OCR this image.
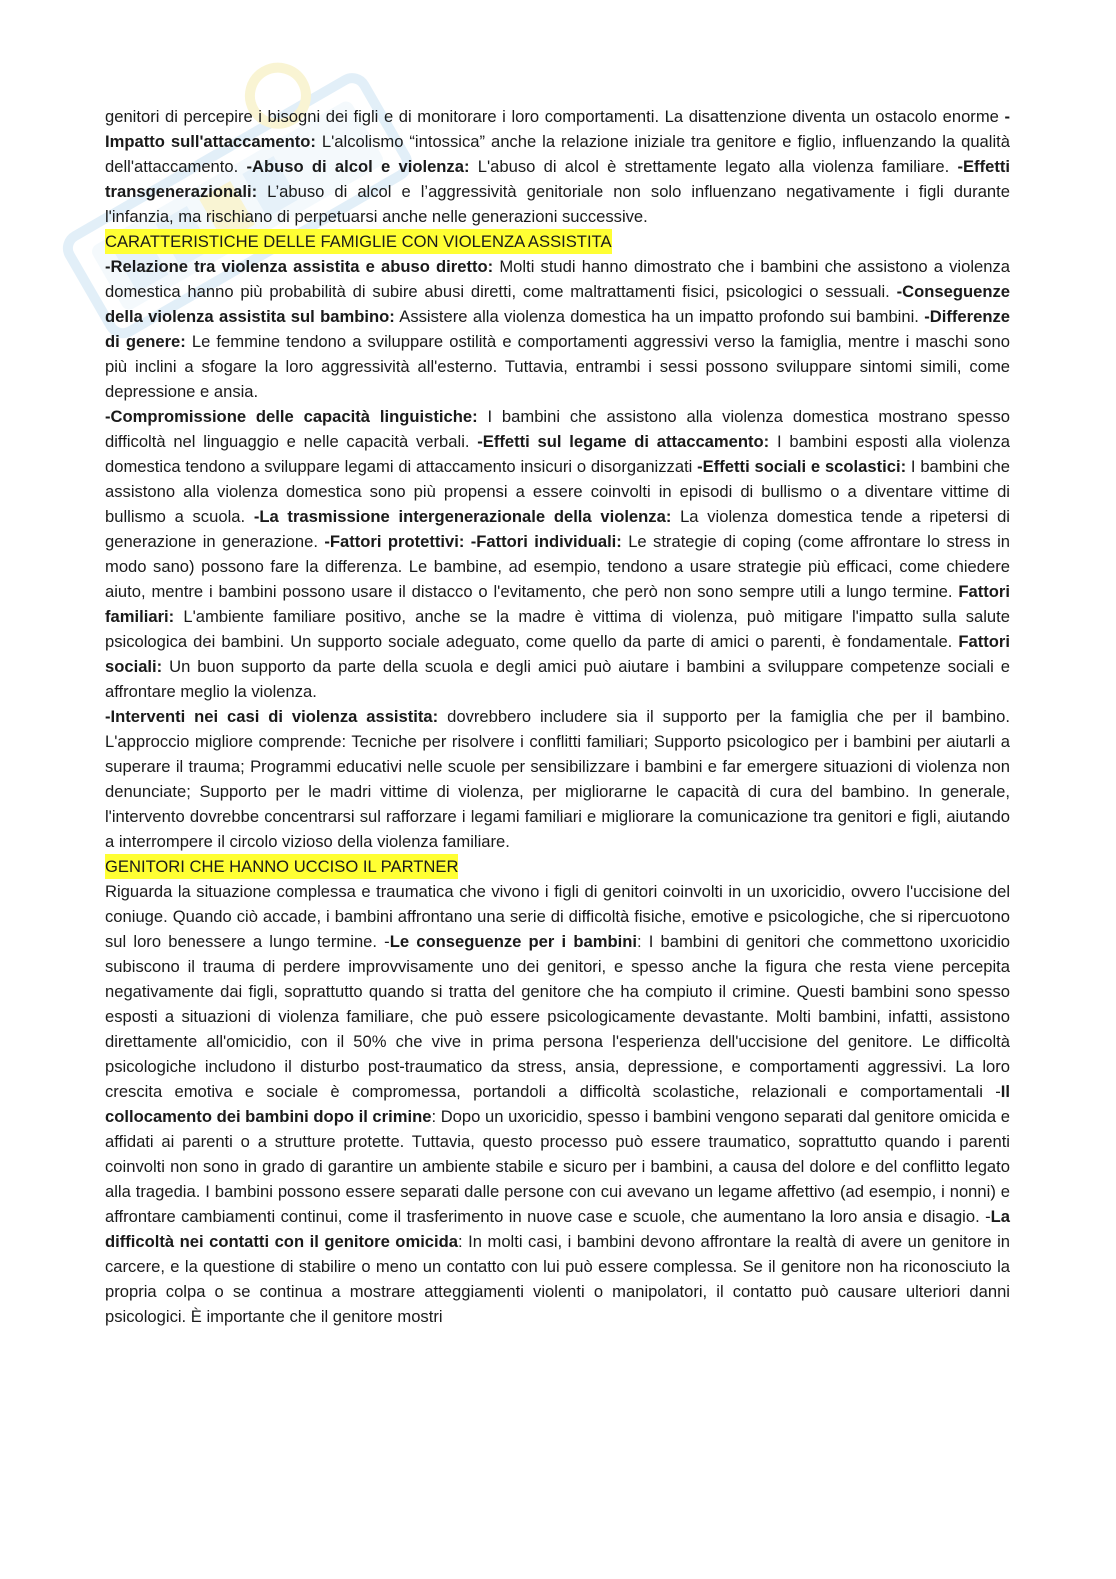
genitori di percepire i bisogni dei figli e di monitorare i loro comportamenti. La disattenzione diventa un ostacolo enorme -Impatto sull'attaccamento: L'alcolismo “intossica” anche la relazione iniziale tra genitore e figlio, influenzando la qualità dell'attaccamento. -Abuso di alcol e violenza: L'abuso di alcol è strettamente legato alla violenza familiare. -Effetti transgenerazionali: L’abuso di alcol e l’aggressività genitoriale non solo influenzano negativamente i figli durante l'infanzia, ma rischiano di perpetuarsi anche nelle generazioni successive.

CARATTERISTICHE DELLE FAMIGLIE CON VIOLENZA ASSISTITA

-Relazione tra violenza assistita e abuso diretto: Molti studi hanno dimostrato che i bambini che assistono a violenza domestica hanno più probabilità di subire abusi diretti, come maltrattamenti fisici, psicologici o sessuali. -Conseguenze della violenza assistita sul bambino: Assistere alla violenza domestica ha un impatto profondo sui bambini. -Differenze di genere: Le femmine tendono a sviluppare ostilità e comportamenti aggressivi verso la famiglia, mentre i maschi sono più inclini a sfogare la loro aggressività all'esterno. Tuttavia, entrambi i sessi possono sviluppare sintomi simili, come depressione e ansia.

-Compromissione delle capacità linguistiche: I bambini che assistono alla violenza domestica mostrano spesso difficoltà nel linguaggio e nelle capacità verbali. -Effetti sul legame di attaccamento: I bambini esposti alla violenza domestica tendono a sviluppare legami di attaccamento insicuri o disorganizzati -Effetti sociali e scolastici: I bambini che assistono alla violenza domestica sono più propensi a essere coinvolti in episodi di bullismo o a diventare vittime di bullismo a scuola. -La trasmissione intergenerazionale della violenza: La violenza domestica tende a ripetersi di generazione in generazione. -Fattori protettivi: -Fattori individuali: Le strategie di coping (come affrontare lo stress in modo sano) possono fare la differenza. Le bambine, ad esempio, tendono a usare strategie più efficaci, come chiedere aiuto, mentre i bambini possono usare il distacco o l'evitamento, che però non sono sempre utili a lungo termine. Fattori familiari: L'ambiente familiare positivo, anche se la madre è vittima di violenza, può mitigare l'impatto sulla salute psicologica dei bambini. Un supporto sociale adeguato, come quello da parte di amici o parenti, è fondamentale. Fattori sociali: Un buon supporto da parte della scuola e degli amici può aiutare i bambini a sviluppare competenze sociali e affrontare meglio la violenza.

-Interventi nei casi di violenza assistita: dovrebbero includere sia il supporto per la famiglia che per il bambino. L'approccio migliore comprende: Tecniche per risolvere i conflitti familiari; Supporto psicologico per i bambini per aiutarli a superare il trauma; Programmi educativi nelle scuole per sensibilizzare i bambini e far emergere situazioni di violenza non denunciate; Supporto per le madri vittime di violenza, per migliorarne le capacità di cura del bambino. In generale, l'intervento dovrebbe concentrarsi sul rafforzare i legami familiari e migliorare la comunicazione tra genitori e figli, aiutando a interrompere il circolo vizioso della violenza familiare.

GENITORI CHE HANNO UCCISO IL PARTNER

Riguarda la situazione complessa e traumatica che vivono i figli di genitori coinvolti in un uxoricidio, ovvero l'uccisione del coniuge. Quando ciò accade, i bambini affrontano una serie di difficoltà fisiche, emotive e psicologiche, che si ripercuotono sul loro benessere a lungo termine. -Le conseguenze per i bambini: I bambini di genitori che commettono uxoricidio subiscono il trauma di perdere improvvisamente uno dei genitori, e spesso anche la figura che resta viene percepita negativamente dai figli, soprattutto quando si tratta del genitore che ha compiuto il crimine. Questi bambini sono spesso esposti a situazioni di violenza familiare, che può essere psicologicamente devastante. Molti bambini, infatti, assistono direttamente all'omicidio, con il 50% che vive in prima persona l'esperienza dell'uccisione del genitore. Le difficoltà psicologiche includono il disturbo post-traumatico da stress, ansia, depressione, e comportamenti aggressivi. La loro crescita emotiva e sociale è compromessa, portandoli a difficoltà scolastiche, relazionali e comportamentali -Il collocamento dei bambini dopo il crimine: Dopo un uxoricidio, spesso i bambini vengono separati dal genitore omicida e affidati ai parenti o a strutture protette. Tuttavia, questo processo può essere traumatico, soprattutto quando i parenti coinvolti non sono in grado di garantire un ambiente stabile e sicuro per i bambini, a causa del dolore e del conflitto legato alla tragedia. I bambini possono essere separati dalle persone con cui avevano un legame affettivo (ad esempio, i nonni) e affrontare cambiamenti continui, come il trasferimento in nuove case e scuole, che aumentano la loro ansia e disagio. -La difficoltà nei contatti con il genitore omicida: In molti casi, i bambini devono affrontare la realtà di avere un genitore in carcere, e la questione di stabilire o meno un contatto con lui può essere complessa. Se il genitore non ha riconosciuto la propria colpa o se continua a mostrare atteggiamenti violenti o manipolatori, il contatto può causare ulteriori danni psicologici. È importante che il genitore mostri
